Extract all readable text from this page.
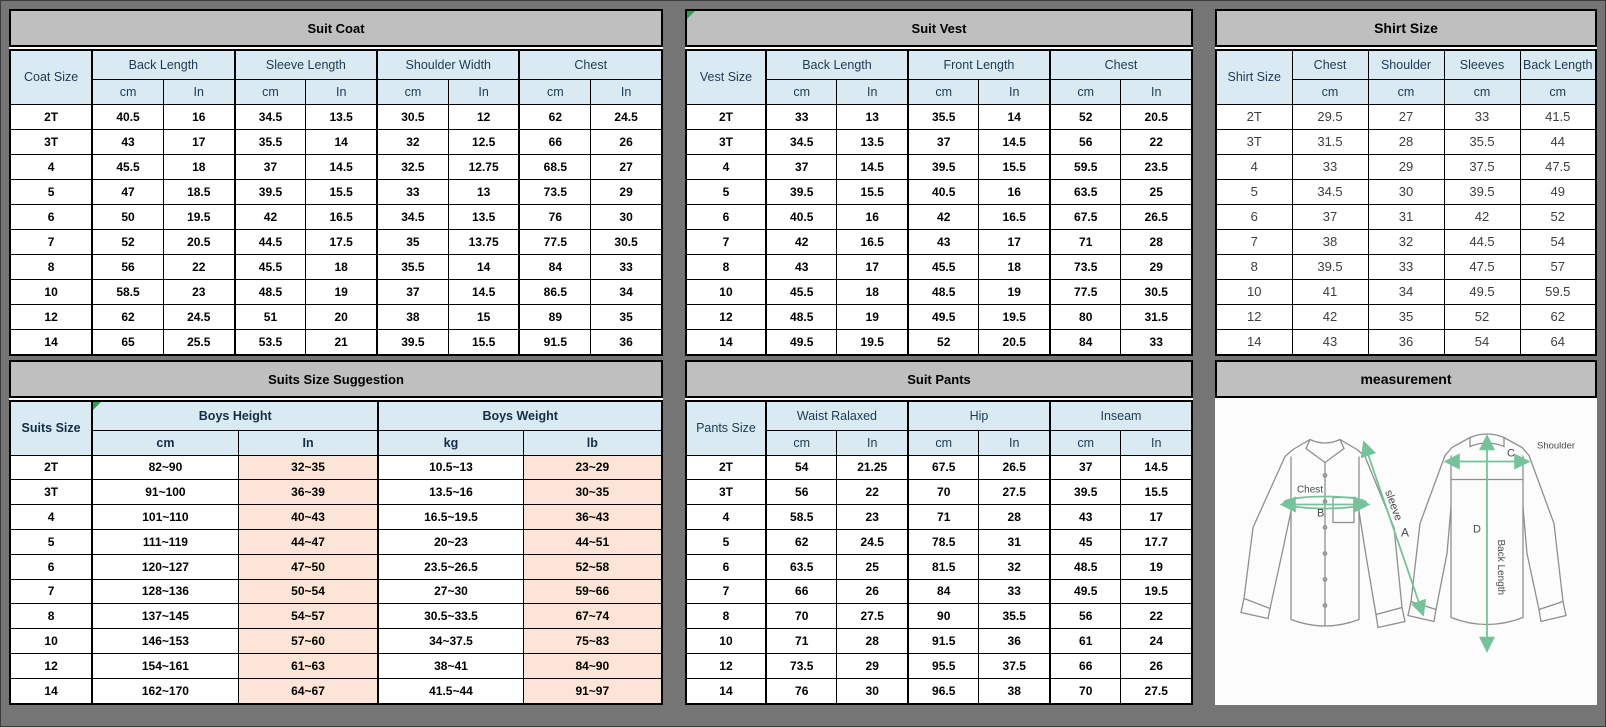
Suit Coat
Coat Size	Back Length		Sleeve Length		Shoulder Width		Chest	
	cm	In	cm	In	cm	In	cm	In
2T	40.5	16	34.5	13.5	30.5	12	62	24.5
3T	43	17	35.5	14	32	12.5	66	26
4	45.5	18	37	14.5	32.5	12.75	68.5	27
5	47	18.5	39.5	15.5	33	13	73.5	29
6	50	19.5	42	16.5	34.5	13.5	76	30
7	52	20.5	44.5	17.5	35	13.75	77.5	30.5
8	56	22	45.5	18	35.5	14	84	33
10	58.5	23	48.5	19	37	14.5	86.5	34
12	62	24.5	51	20	38	15	89	35
14	65	25.5	53.5	21	39.5	15.5	91.5	36
Suit Vest
Vest Size	Back Length		Front Length		Chest	
	cm	In	cm	In	cm	In
2T	33	13	35.5	14	52	20.5
3T	34.5	13.5	37	14.5	56	22
4	37	14.5	39.5	15.5	59.5	23.5
5	39.5	15.5	40.5	16	63.5	25
6	40.5	16	42	16.5	67.5	26.5
7	42	16.5	43	17	71	28
8	43	17	45.5	18	73.5	29
10	45.5	18	48.5	19	77.5	30.5
12	48.5	19	49.5	19.5	80	31.5
14	49.5	19.5	52	20.5	84	33
Shirt Size
Shirt Size	Chest	Shoulder	Sleeves	Back Length
	cm	cm	cm	cm
2T	29.5	27	33	41.5
3T	31.5	28	35.5	44
4	33	29	37.5	47.5
5	34.5	30	39.5	49
6	37	31	42	52
7	38	32	44.5	54
8	39.5	33	47.5	57
10	41	34	49.5	59.5
12	42	35	52	62
14	43	36	54	64
Suits Size Suggestion
Suits Size	Boys Height		Boys Weight	
	cm	In	kg	lb
2T	82~90	32~35	10.5~13	23~29
3T	91~100	36~39	13.5~16	30~35
4	101~110	40~43	16.5~19.5	36~43
5	111~119	44~47	20~23	44~51
6	120~127	47~50	23.5~26.5	52~58
7	128~136	50~54	27~30	59~66
8	137~145	54~57	30.5~33.5	67~74
10	146~153	57~60	34~37.5	75~83
12	154~161	61~63	38~41	84~90
14	162~170	64~67	41.5~44	91~97
Suit Pants
Pants Size	Waist Ralaxed		Hip		Inseam	
	cm	In	cm	In	cm	In
2T	54	21.25	67.5	26.5	37	14.5
3T	56	22	70	27.5	39.5	15.5
4	58.5	23	71	28	43	17
5	62	24.5	78.5	31	45	17.7
6	63.5	25	81.5	32	48.5	19
7	66	26	84	33	49.5	19.5
8	70	27.5	90	35.5	56	22
10	71	28	91.5	36	61	24
12	73.5	29	95.5	37.5	66	26
14	76	30	96.5	38	70	27.5
measurement
Chest
B	sleeve
A
C
Shoulder
D
Back Length
